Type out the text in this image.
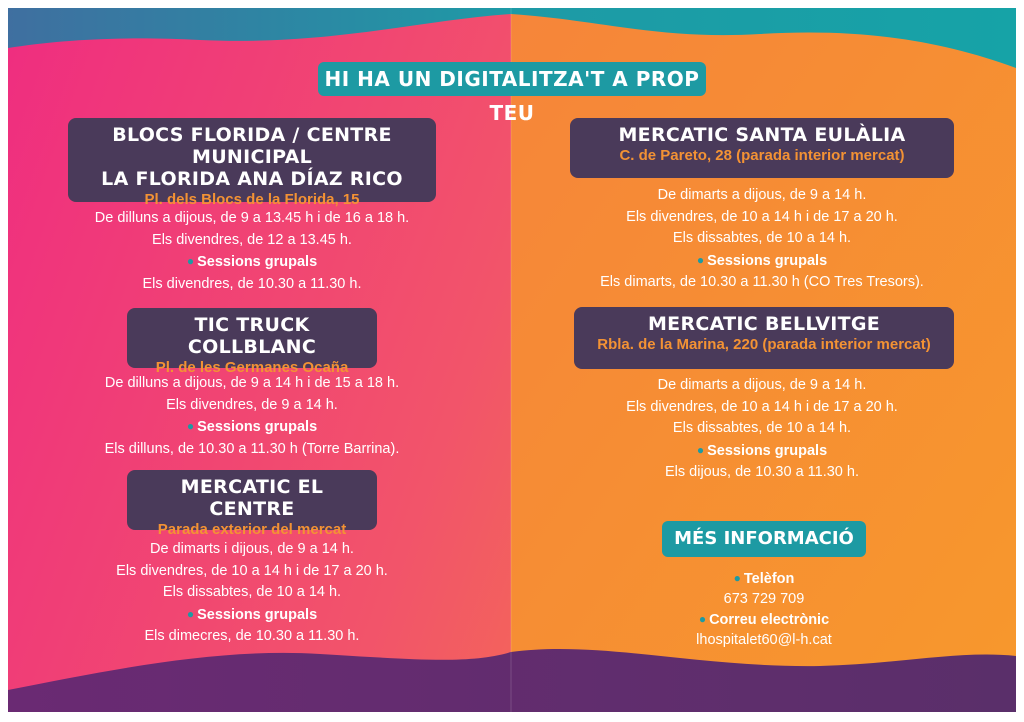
HI HA UN DIGITALITZA'T A PROP TEU
BLOCS FLORIDA / CENTRE MUNICIPAL
LA FLORIDA ANA DÍAZ RICO
Pl. dels Blocs de la Florida, 15
De dilluns a dijous, de 9 a 13.45 h i de 16 a 18 h.
Els divendres, de 12 a 13.45 h.
● Sessions grupals
Els divendres, de 10.30 a 11.30 h.
TIC TRUCK COLLBLANC
Pl. de les Germanes Ocaña
De dilluns a dijous, de 9 a 14 h i de 15 a 18 h.
Els divendres, de 9 a 14 h.
● Sessions grupals
Els dilluns, de 10.30 a 11.30 h (Torre Barrina).
MERCATIC EL CENTRE
Parada exterior del mercat
De dimarts i dijous, de 9 a 14 h.
Els divendres, de 10 a 14 h i de 17 a 20 h.
Els dissabtes, de 10 a 14 h.
● Sessions grupals
Els dimecres, de 10.30 a 11.30 h.
MERCATIC SANTA EULÀLIA
C. de Pareto, 28 (parada interior mercat)
De dimarts a dijous, de 9 a 14 h.
Els divendres, de 10 a 14 h i de 17 a 20 h.
Els dissabtes, de 10 a 14 h.
● Sessions grupals
Els dimarts, de 10.30 a 11.30 h (CO Tres Tresors).
MERCATIC BELLVITGE
Rbla. de la Marina, 220 (parada interior mercat)
De dimarts a dijous, de 9 a 14 h.
Els divendres, de 10 a 14 h i de 17 a 20 h.
Els dissabtes, de 10 a 14 h.
● Sessions grupals
Els dijous, de 10.30 a 11.30 h.
MÉS INFORMACIÓ
● Telèfon
673 729 709
● Correu electrònic
lhospitalet60@l-h.cat
